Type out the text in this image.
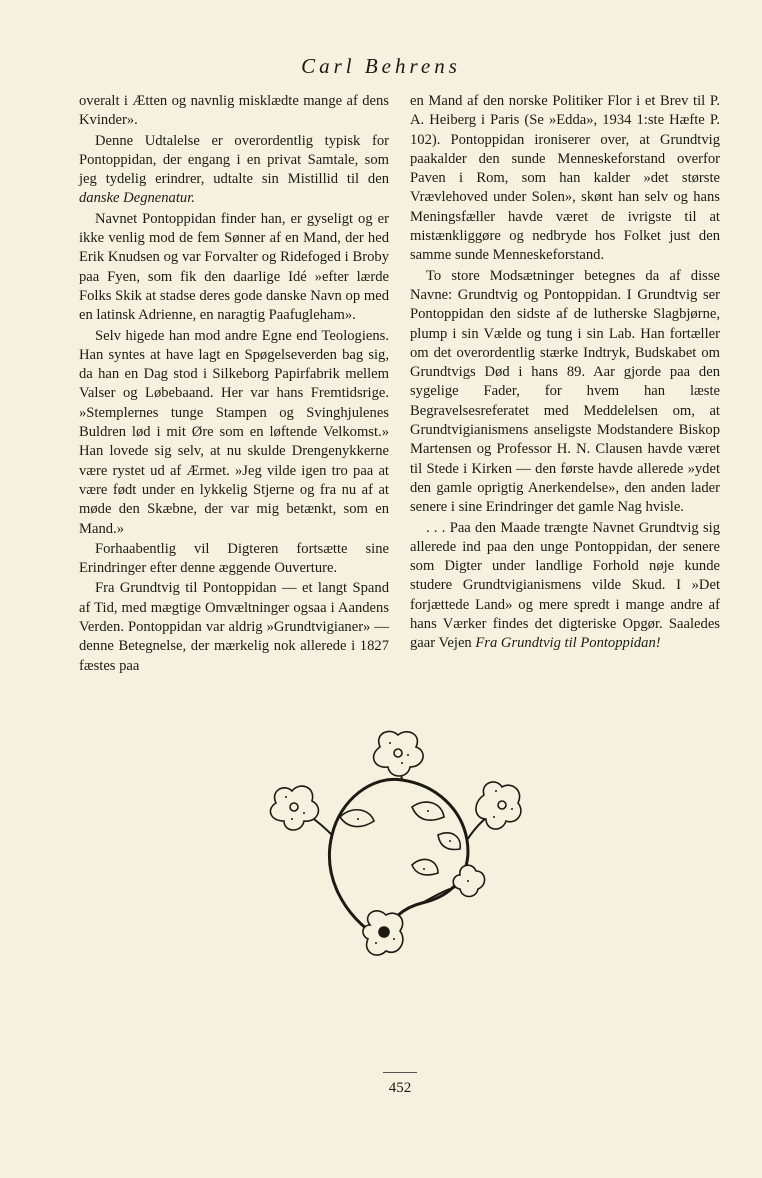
Carl Behrens

overalt i Ætten og navnlig misklædte mange af dens Kvinder».

Denne Udtalelse er overordentlig typisk for Pontoppidan, der engang i en privat Samtale, som jeg tydelig erindrer, udtalte sin Mistillid til den danske Degnenatur.

Navnet Pontoppidan finder han, er gyseligt og er ikke venlig mod de fem Sønner af en Mand, der hed Erik Knudsen og var Forvalter og Ridefoged i Broby paa Fyen, som fik den daarlige Idé »efter lærde Folks Skik at stadse deres gode danske Navn op med en latinsk Adrienne, en naragtig Paafuglеham».

Selv higede han mod andre Egne end Teologiens. Han syntes at have lagt en Spøgelseverden bag sig, da han en Dag stod i Silkeborg Papirfabrik mellem Valser og Løbebaand. Her var hans Fremtidsrige. »Stemplernes tunge Stampen og Svinghjulenes Buldren lød i mit Øre som en løftende Velkomst.» Han lovede sig selv, at nu skulde Drengenykkerne være rystet ud af Ærmet. »Jeg vilde igen tro paa at være født under en lykkelig Stjerne og fra nu af at møde den Skæbne, der var mig betænkt, som en Mand.»

Forhaabentlig vil Digteren fortsætte sine Erindringer efter denne æggende Ouverture.

Fra Grundtvig til Pontoppidan — et langt Spand af Tid, med mægtige Omvæltninger ogsaa i Aandens Verden. Pontoppidan var aldrig »Grundtvigianer» — denne Betegnelse, der mærkelig nok allerede i 1827 fæstes paa

en Mand af den norske Politiker Flor i et Brev til P. A. Heiberg i Paris (Se »Edda», 1934 1:ste Hæfte P. 102). Pontoppidan ironiserer over, at Grundtvig paakalder den sunde Menneskeforstand overfor Paven i Rom, som han kalder »det største Vrævlehoved under Solen», skønt han selv og hans Meningsfæller havde været de ivrigste til at mistænkliggøre og nedbryde hos Folket just den samme sunde Menneskeforstand.

To store Modsætninger betegnes da af disse Navne: Grundtvig og Pontoppidan. I Grundtvig ser Pontoppidan den sidste af de lutherske Slagbjørne, plump i sin Vælde og tung i sin Lab. Han fortæller om det overordentlig stærke Indtryk, Budskabet om Grundtvigs Død i hans 89. Aar gjorde paa den sygelige Fader, for hvem han læste Begravelsesreferatet med Meddelelsen om, at Grundtvigianismens anseligste Modstandere Biskop Martensen og Professor H. N. Clausen havde været til Stede i Kirken — den første havde allerede »ydet den gamle oprigtig Anerkendelse», den anden lader senere i sine Erindringer det gamle Nag hvisle.

. . . Paa den Maade trængte Navnet Grundtvig sig allerede ind paa den unge Pontoppidan, der senere som Digter under landlige Forhold nøje kunde studere Grundtvigianismens vilde Skud. I »Det forjættede Land» og mere spredt i mange andre af hans Værker findes det digteriske Opgør. Saaledes gaar Vejen Fra Grundtvig til Pontoppidan!

452
